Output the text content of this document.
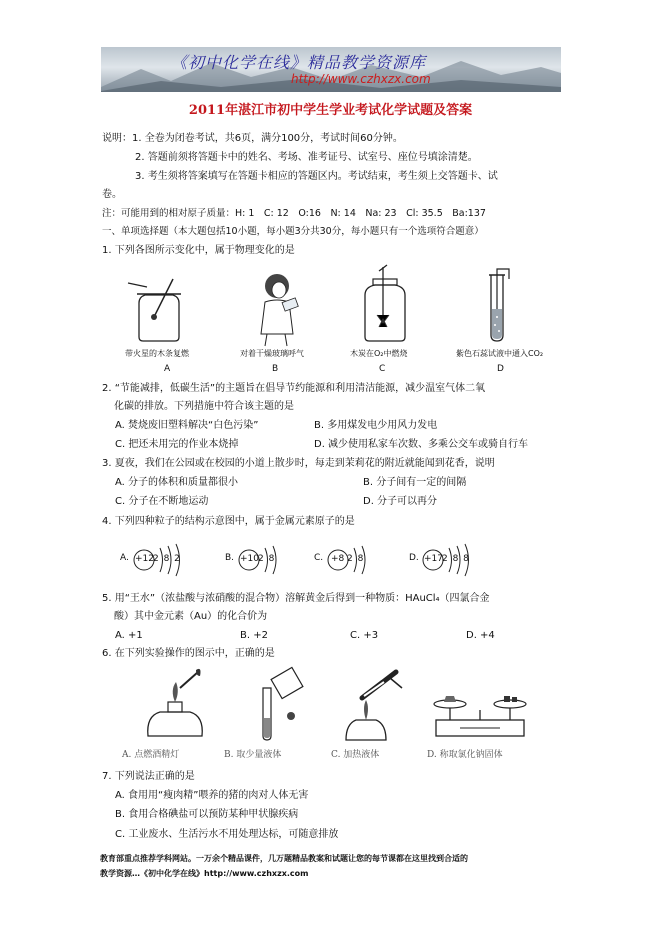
《初中化学在线》精品教学资源库
http://www.czhxzx.com
2011年湛江市初中学生学业考试化学试题及答案
说明：1. 全卷为闭卷考试，共6页，满分100分，考试时间60分钟。
2. 答题前须将答题卡中的姓名、考场、准考证号、试室号、座位号填涂清楚。
3. 考生须将答案填写在答题卡相应的答题区内。考试结束，考生须上交答题卡、试
卷。
注：可能用到的相对原子质量：H: 1　C: 12　O:16　N: 14　Na: 23　Cl: 35.5　Ba:137
一、单项选择题（本大题包括10小题，每小题3分共30分，每小题只有一个选项符合题意）
1. 下列各图所示变化中，属于物理变化的是
带火星的木条复燃	对着干燥玻璃呼气	木炭在O₂中燃烧	紫色石蕊试液中通入CO₂
A	B	C	D
2. “节能减排，低碳生活”的主题旨在倡导节约能源和利用清洁能源，减少温室气体二氧
化碳的排放。下列措施中符合该主题的是
A. 焚烧废旧塑料解决“白色污染”	B. 多用煤发电少用风力发电
C. 把还未用完的作业本烧掉	D. 减少使用私家车次数、多乘公交车或骑自行车
3. 夏夜，我们在公园或在校园的小道上散步时，每走到茉莉花的附近就能闻到花香，说明
A. 分子的体积和质量都很小	B. 分子间有一定的间隔
C. 分子在不断地运动	D. 分子可以再分
4. 下列四种粒子的结构示意图中，属于金属元素原子的是
A. +12 2 8 2	B. +10 2 8	C. +8 2 8	D. +17 2 8 8
5. 用“王水”（浓盐酸与浓硝酸的混合物）溶解黄金后得到一种物质：HAuCl₄（四氯合金
酸）其中金元素（Au）的化合价为
A. +1	B. +2	C. +3	D. +4
6. 在下列实验操作的图示中，正确的是
A. 点燃酒精灯	B. 取少量液体	C. 加热液体	D. 称取氯化钠固体
7. 下列说法正确的是
A. 食用用“瘦肉精”喂养的猪的肉对人体无害
B. 食用合格碘盐可以预防某种甲状腺疾病
C. 工业废水、生活污水不用处理达标，可随意排放
教育部重点推荐学科网站。一万余个精品课件，几万题精品教案和试题让您的每节课都在这里找到合适的
教学资源…《初中化学在线》http://www.czhxzx.com
